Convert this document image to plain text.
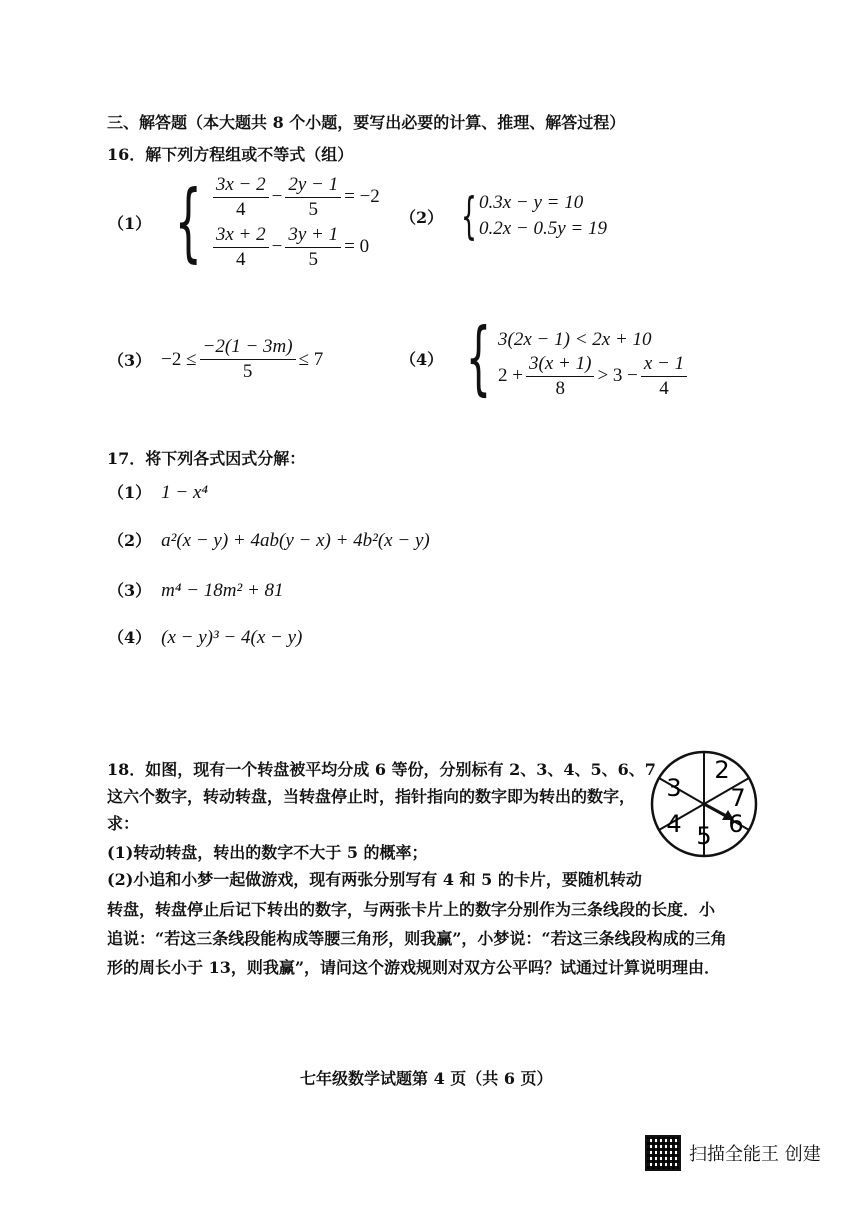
三、解答题（本大题共 8 个小题，要写出必要的计算、推理、解答过程）
16．解下列方程组或不等式（组）
（1） { $\frac{3x - 2}{4} - \frac{2y - 1}{5} = -2$
$\frac{3x + 2}{4} - \frac{3y + 1}{5} = 0$
（2） { 0.3x − y = 10
0.2x − 0.5y = 19
$(3) -2 \le \frac{-2(1 - 3m)}{5} \le 7$	（4） { 3(2x − 1) < 2x + 10
$2 + \frac{3(x + 1)}{8} > 3 - \frac{x - 1}{4}$
17．将下列各式因式分解：
（1） 1 − x⁴
（2） a²(x − y) + 4ab(y − x) + 4b²(x − y)
（3） m⁴ − 18m² + 81
（4） (x − y)³ − 4(x − y)
18．如图，现有一个转盘被平均分成 6 等份，分别标有 2、3、4、5、6、7
这六个数字，转动转盘，当转盘停止时，指针指向的数字即为转出的数字，
求：
(1)转动转盘，转出的数字不大于 5 的概率；
(2)小追和小梦一起做游戏，现有两张分别写有 4 和 5 的卡片，要随机转动
转盘，转盘停止后记下转出的数字，与两张卡片上的数字分别作为三条线段的长度．小
追说：“若这三条线段能构成等腰三角形，则我赢”，小梦说：“若这三条线段构成的三角
形的周长小于 13，则我赢”，请问这个游戏规则对双方公平吗？试通过计算说明理由．
2
7
6
5
4
3
七年级数学试题第 4 页（共 6 页）
扫描全能王 创建
